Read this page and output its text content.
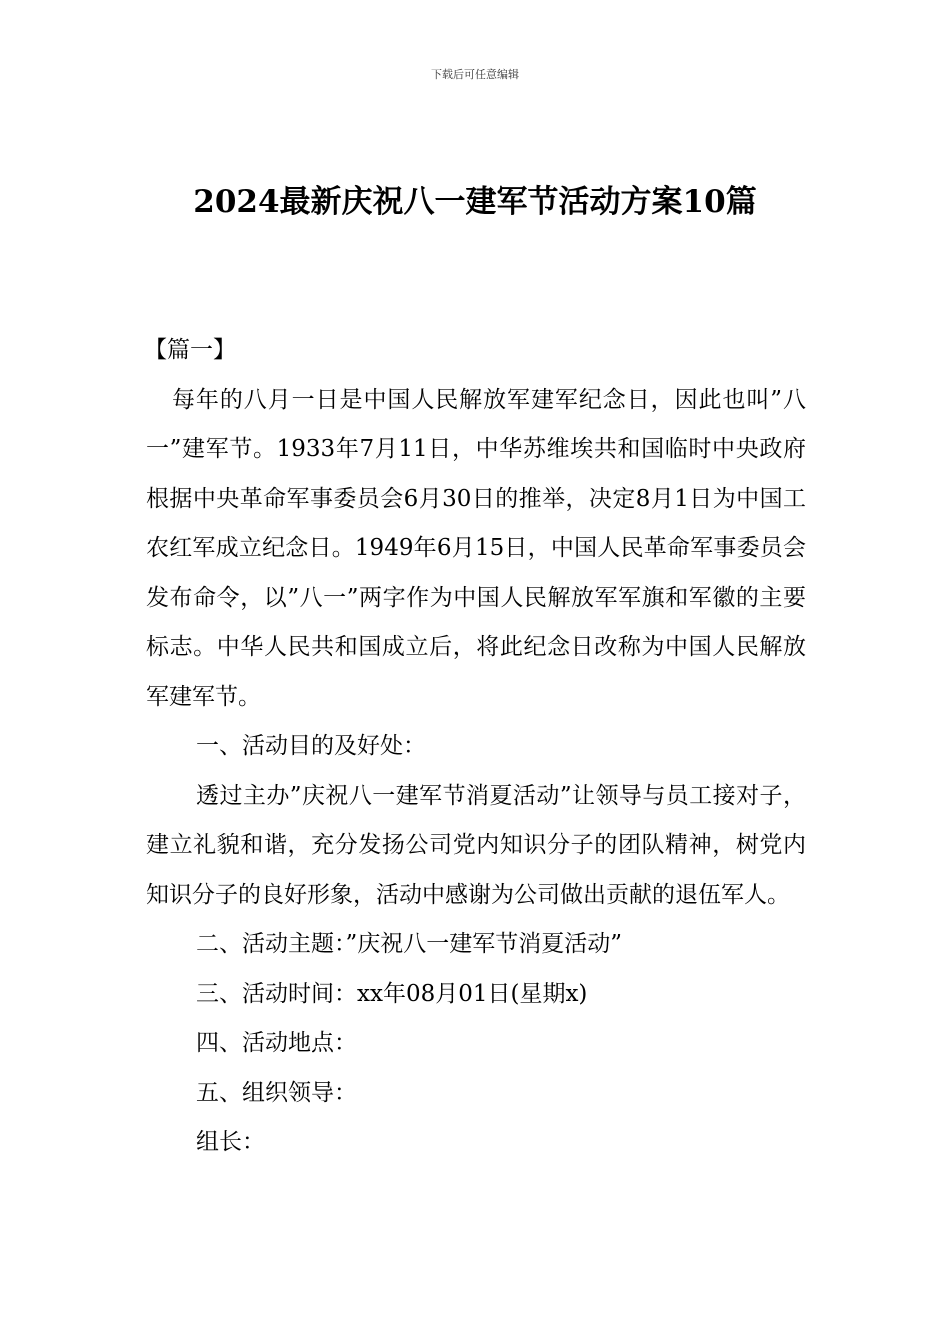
下载后可任意编辑
2024最新庆祝八一建军节活动方案10篇

【篇一】

每年的八月一日是中国人民解放军建军纪念日，因此也叫”八一”建军节。1933年7月11日，中华苏维埃共和国临时中央政府根据中央革命军事委员会6月30日的推举，决定8月1日为中国工农红军成立纪念日。1949年6月15日，中国人民革命军事委员会发布命令，以”八一”两字作为中国人民解放军军旗和军徽的主要标志。中华人民共和国成立后，将此纪念日改称为中国人民解放军建军节。

一、活动目的及好处：

透过主办”庆祝八一建军节消夏活动”让领导与员工接对子，建立礼貌和谐，充分发扬公司党内知识分子的团队精神，树党内知识分子的良好形象，活动中感谢为公司做出贡献的退伍军人。

二、活动主题：”庆祝八一建军节消夏活动”

三、活动时间：xx年08月01日(星期x)

四、活动地点：

五、组织领导：

组长：
